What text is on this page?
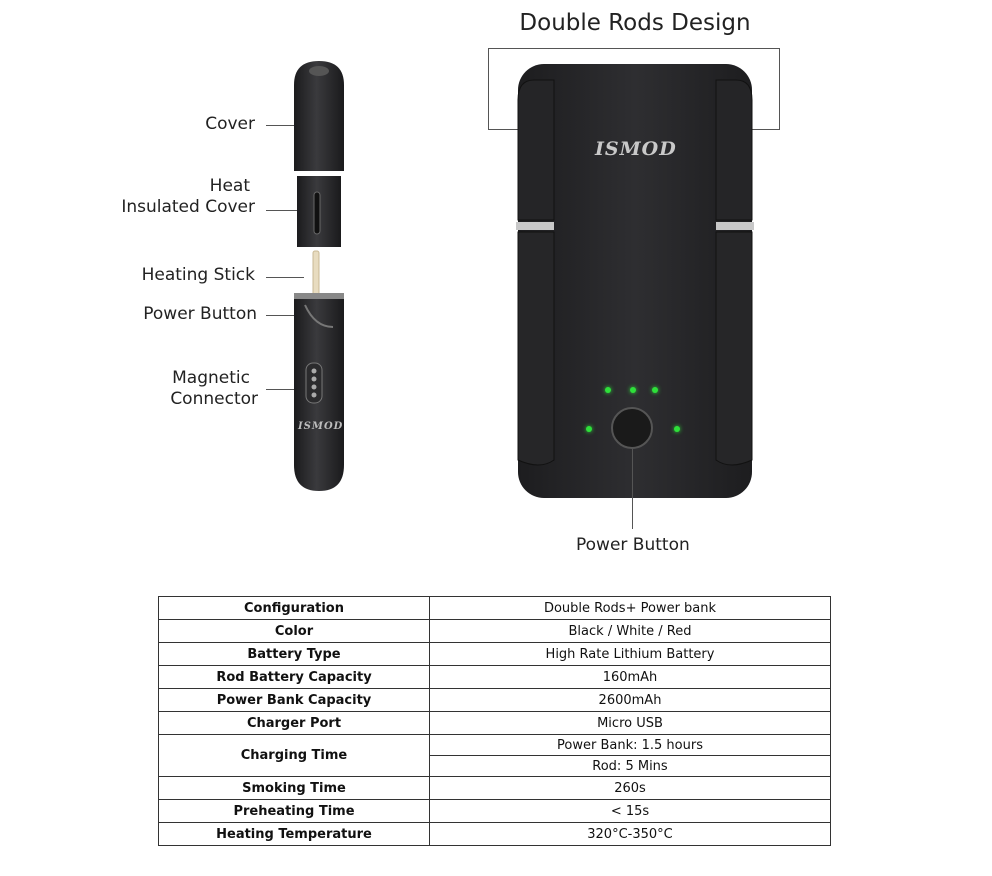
Cover
Heat
Insulated Cover
Heating Stick
Power Button
Magnetic
Connector
ISMOD
Double Rods Design
ISMOD
Power Button
Configuration	Double Rods+ Power bank
Color	Black / White / Red
Battery Type	High Rate Lithium Battery
Rod Battery Capacity	160mAh
Power Bank Capacity	2600mAh
Charger Port	Micro USB
Charging Time	Power Bank: 1.5 hours
	Rod: 5 Mins
Smoking Time	260s
Preheating Time	< 15s
Heating Temperature	320°C-350°C
